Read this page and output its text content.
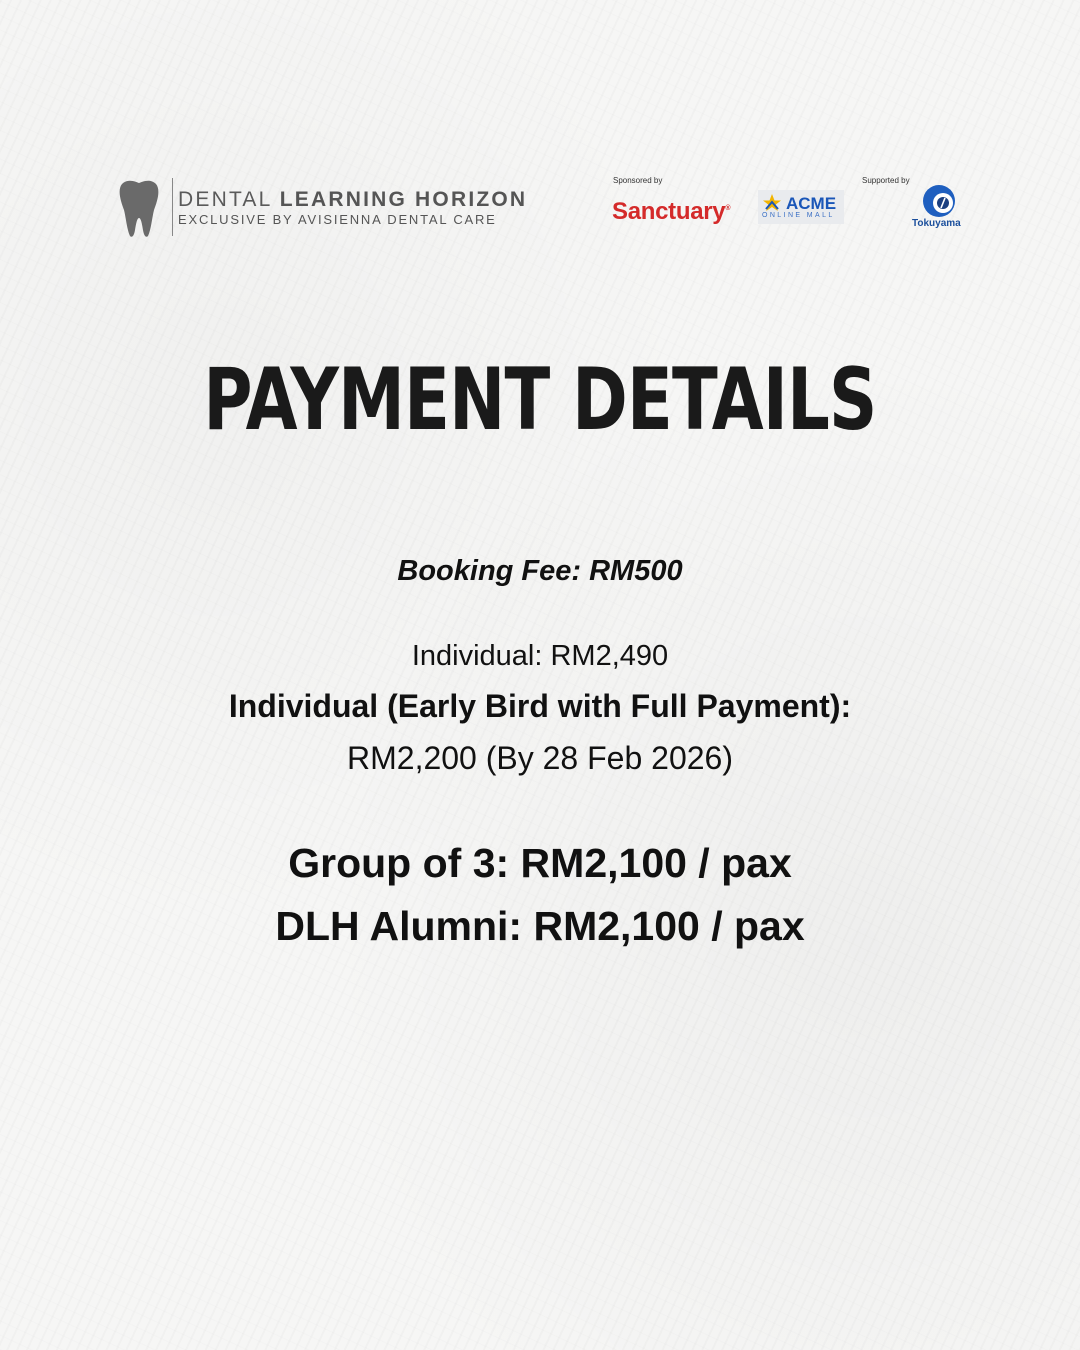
DENTAL LEARNING HORIZON
EXCLUSIVE BY AVISIENNA DENTAL CARE
Sponsored by
Sanctuary®	ACME
ONLINE MALL
Supported by
Tokuyama
PAYMENT DETAILS
Booking Fee: RM500
Individual: RM2,490
Individual (Early Bird with Full Payment):
RM2,200 (By 28 Feb 2026)
Group of 3: RM2,100 / pax
DLH Alumni: RM2,100 / pax
